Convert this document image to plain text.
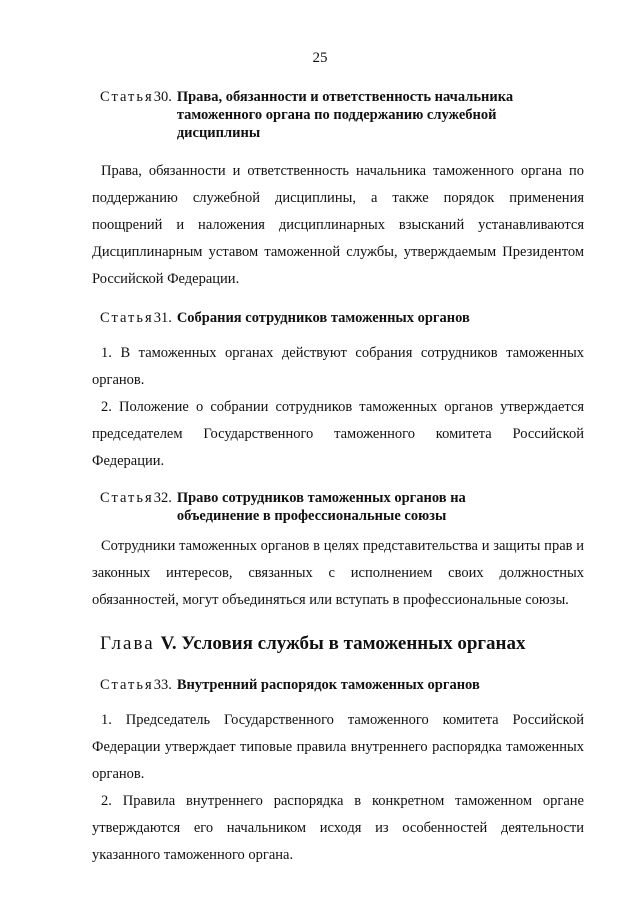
25
Статья30. Права, обязанности и ответственность начальника таможенного органа по поддержанию служебной дисциплины

Права, обязанности и ответственность начальника таможенного органа по поддержанию служебной дисциплины, а также порядок применения поощрений и наложения дисциплинарных взысканий устанавливаются Дисциплинарным уставом таможенной службы, утверждаемым Президентом Российской Федерации.

Статья31. Собрания сотрудников таможенных органов

1. В таможенных органах действуют собрания сотрудников таможенных органов.

2. Положение о собрании сотрудников таможенных органов утверждается председателем Государственного таможенного комитета Российской Федерации.

Статья32. Право сотрудников таможенных органов на объединение в профессиональные союзы

Сотрудники таможенных органов в целях представительства и защиты прав и законных интересов, связанных с исполнением своих должностных обязанностей, могут объединяться или вступать в профессиональные союзы.

Глава V. Условия службы в таможенных органах
Статья33. Внутренний распорядок таможенных органов

1. Председатель Государственного таможенного комитета Российской Федерации утверждает типовые правила внутреннего распорядка таможенных органов.

2. Правила внутреннего распорядка в конкретном таможенном органе утверждаются его начальником исходя из особенностей деятельности указанного таможенного органа.
